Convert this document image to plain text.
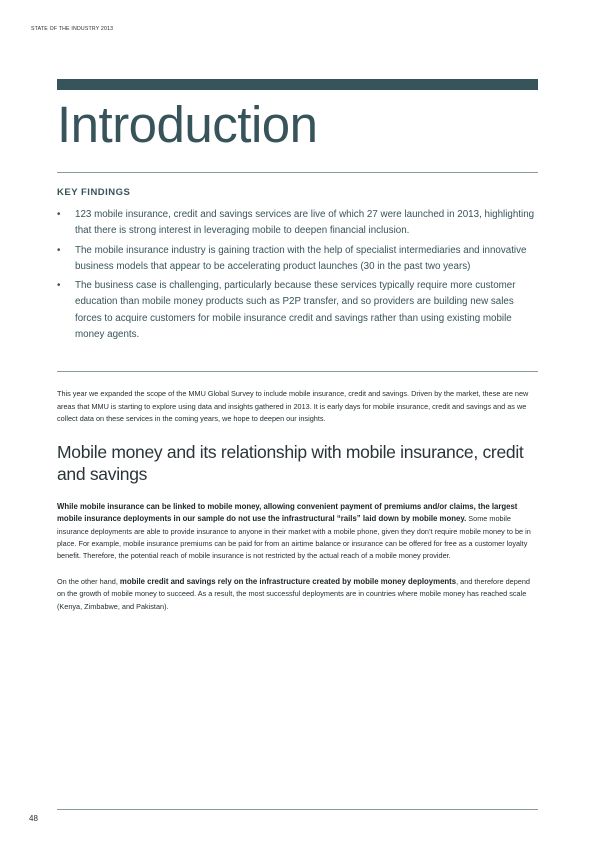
STATE OF THE INDUSTRY 2013
Introduction
KEY FINDINGS
• 123 mobile insurance, credit and savings services are live of which 27 were launched in 2013, highlighting that there is strong interest in leveraging mobile to deepen financial inclusion.
• The mobile insurance industry is gaining traction with the help of specialist intermediaries and innovative business models that appear to be accelerating product launches (30 in the past two years)
• The business case is challenging, particularly because these services typically require more customer education than mobile money products such as P2P transfer, and so providers are building new sales forces to acquire customers for mobile insurance credit and savings rather than using existing mobile money agents.

This year we expanded the scope of the MMU Global Survey to include mobile insurance, credit and savings. Driven by the market, these are new areas that MMU is starting to explore using data and insights gathered in 2013. It is early days for mobile insurance, credit and savings and as we collect data on these services in the coming years, we hope to deepen our insights.

Mobile money and its relationship with mobile insurance, credit and savings

While mobile insurance can be linked to mobile money, allowing convenient payment of premiums and/or claims, the largest mobile insurance deployments in our sample do not use the infrastructural “rails” laid down by mobile money. Some mobile insurance deployments are able to provide insurance to anyone in their market with a mobile phone, given they don’t require mobile money to be in place. For example, mobile insurance premiums can be paid for from an airtime balance or insurance can be offered for free as a customer loyalty benefit. Therefore, the potential reach of mobile insurance is not restricted by the actual reach of a mobile money provider.

On the other hand, mobile credit and savings rely on the infrastructure created by mobile money deployments, and therefore depend on the growth of mobile money to succeed. As a result, the most successful deployments are in countries where mobile money has reached scale (Kenya, Zimbabwe, and Pakistan).

48
